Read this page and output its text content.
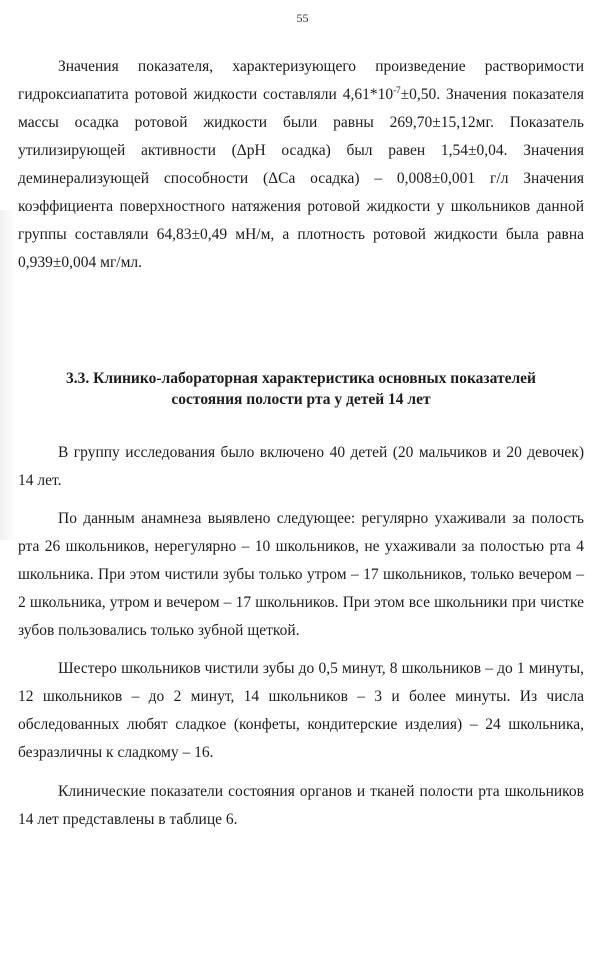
55

Значения показателя, характеризующего произведение растворимости гидроксиапатита ротовой жидкости составляли $4,61*10^{-7}\pm 0,50$. Значения показателя массы осадка ротовой жидкости были равны 269,70±15,12мг. Показатель утилизирующей активности (ΔpH осадка) был равен 1,54±0,04. Значения деминерализующей способности (ΔCa осадка) – 0,008±0,001 г/л Значения коэффициента поверхностного натяжения ротовой жидкости у школьников данной группы составляли 64,83±0,49 мН/м, а плотность ротовой жидкости была равна 0,939±0,004 мг/мл.

3.3. Клинико-лабораторная характеристика основных показателей
состояния полости рта у детей 14 лет

В группу исследования было включено 40 детей (20 мальчиков и 20 девочек) 14 лет.

По данным анамнеза выявлено следующее: регулярно ухаживали за полость рта 26 школьников, нерегулярно – 10 школьников, не ухаживали за полостью рта 4 школьника. При этом чистили зубы только утром – 17 школьников, только вечером – 2 школьника, утром и вечером – 17 школьников. При этом все школьники при чистке зубов пользовались только зубной щеткой.

Шестеро школьников чистили зубы до 0,5 минут, 8 школьников – до 1 минуты, 12 школьников – до 2 минут, 14 школьников – 3 и более минуты. Из числа обследованных любят сладкое (конфеты, кондитерские изделия) – 24 школьника, безразличны к сладкому – 16.

Клинические показатели состояния органов и тканей полости рта школьников 14 лет представлены в таблице 6.
